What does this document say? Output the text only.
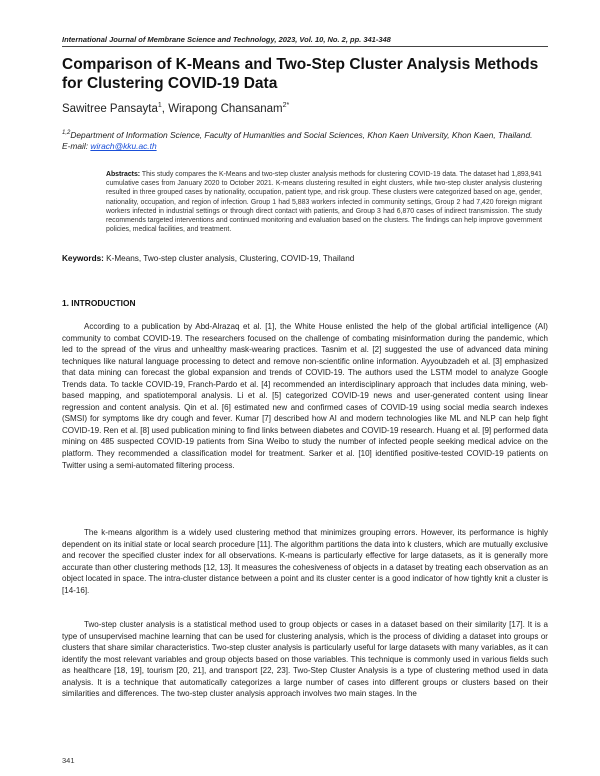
International Journal of Membrane Science and Technology, 2023, Vol. 10, No. 2, pp. 341-348
Comparison of K-Means and Two-Step Cluster Analysis Methods for Clustering COVID-19 Data
Sawitree Pansayta$^1$, Wirapong Chansanam$^{2*}$
$^{1,2}$Department of Information Science, Faculty of Humanities and Social Sciences, Khon Kaen University, Khon Kaen, Thailand.
E-mail: wirach@kku.ac.th
Abstracts: This study compares the K-Means and two-step cluster analysis methods for clustering COVID-19 data. The dataset had 1,893,941 cumulative cases from January 2020 to October 2021. K-means clustering resulted in eight clusters, while two-step cluster analysis clustering resulted in three grouped cases by nationality, occupation, patient type, and risk group. These clusters were categorized based on age, gender, nationality, occupation, and region of infection. Group 1 had 5,883 workers infected in community settings, Group 2 had 7,420 foreign migrant workers infected in industrial settings or through direct contact with patients, and Group 3 had 6,870 cases of indirect transmission. The study recommends targeted interventions and continued monitoring and evaluation based on the clusters. The findings can help improve government policies, medical facilities, and treatment.
Keywords: K-Means, Two-step cluster analysis, Clustering, COVID-19, Thailand
1. INTRODUCTION
According to a publication by Abd-Alrazaq et al. [1], the White House enlisted the help of the global artificial intelligence (AI) community to combat COVID-19. The researchers focused on the challenge of combating misinformation during the pandemic, which led to the spread of the virus and unhealthy mask-wearing practices. Tasnim et al. [2] suggested the use of advanced data mining techniques like natural language processing to detect and remove non-scientific online information. Ayyoubzadeh et al. [3] emphasized that data mining can forecast the global expansion and trends of COVID-19. The authors used the LSTM model to analyze Google Trends data. To tackle COVID-19, Franch-Pardo et al. [4] recommended an interdisciplinary approach that includes data mining, web-based mapping, and spatiotemporal analysis. Li et al. [5] categorized COVID-19 news and user-generated content using linear regression and content analysis. Qin et al. [6] estimated new and confirmed cases of COVID-19 using social media search indexes (SMSI) for symptoms like dry cough and fever. Kumar [7] described how AI and modern technologies like ML and NLP can help fight COVID-19. Ren et al. [8] used publication mining to find links between diabetes and COVID-19 research. Huang et al. [9] performed data mining on 485 suspected COVID-19 patients from Sina Weibo to study the number of infected people seeking medical advice on the platform. They recommended a classification model for treatment. Sarker et al. [10] identified positive-tested COVID-19 patients on Twitter using a semi-automated filtering process.
The k-means algorithm is a widely used clustering method that minimizes grouping errors. However, its performance is highly dependent on its initial state or local search procedure [11]. The algorithm partitions the data into k clusters, which are mutually exclusive and recover the specified cluster index for all observations. K-means is particularly effective for large datasets, as it is generally more accurate than other clustering methods [12, 13]. It measures the cohesiveness of objects in a dataset by treating each observation as an object located in space. The intra-cluster distance between a point and its cluster center is a good indicator of how tightly knit a cluster is [14-16].
Two-step cluster analysis is a statistical method used to group objects or cases in a dataset based on their similarity [17]. It is a type of unsupervised machine learning that can be used for clustering analysis, which is the process of dividing a dataset into groups or clusters that share similar characteristics. Two-step cluster analysis is particularly useful for large datasets with many variables, as it can identify the most relevant variables and group objects based on those variables. This technique is commonly used in various fields such as healthcare [18, 19], tourism [20, 21], and transport [22, 23]. Two-Step Cluster Analysis is a type of clustering method used in data analysis. It is a technique that automatically categorizes a large number of cases into different groups or clusters based on their similarities and differences. The two-step cluster analysis approach involves two main stages. In the
341
